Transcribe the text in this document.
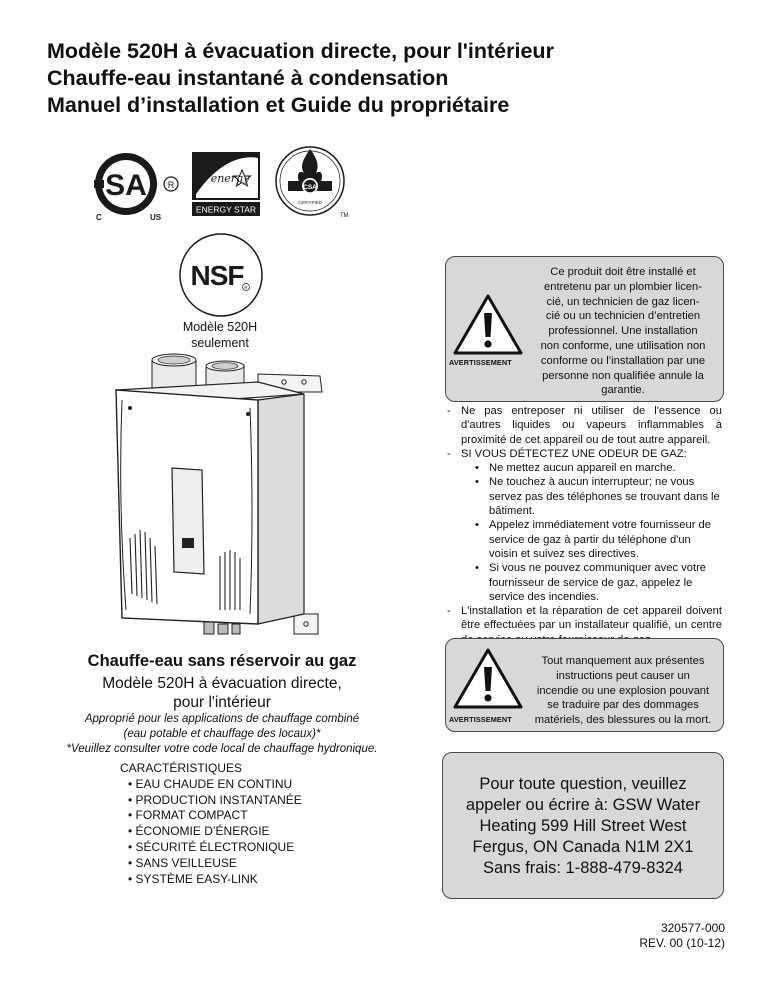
Modèle 520H à évacuation directe, pour l'intérieur
Chauffe-eau instantané à condensation
Manuel d’installation et Guide du propriétaire
SA R
C	US
energy
ENERGY STAR
CSA
CERTIFIED
TM
NSF R
Modèle 520H
seulement
Chauffe-eau sans réservoir au gaz
Modèle 520H à évacuation directe,
pour l'intérieur
Approprié pour les applications de chauffage combiné
(eau potable et chauffage des locaux)*
*Veuillez consulter votre code local de chauffage hydronique.
CARACTÉRISTIQUES
• EAU CHAUDE EN CONTINU
• PRODUCTION INSTANTANÉE
• FORMAT COMPACT
• ÉCONOMIE D’ÉNERGIE
• SÉCURITÉ ÉLECTRONIQUE
• SANS VEILLEUSE
• SYSTÈME EASY-LINK
AVERTISSEMENT
Ce produit doit être installé et
entretenu par un plombier licen-
cié, un technicien de gaz licen-
cié ou un technicien d’entretien
professionnel. Une installation
non conforme, une utilisation non
conforme ou l’installation par une
personne non qualifiée annule la
garantie.
- Ne pas entreposer ni utiliser de l'essence ou d'autres liquides ou vapeurs inflammables à proximité de cet appareil ou de tout autre appareil.
- SI VOUS DÉTECTEZ UNE ODEUR DE GAZ:
• Ne mettez aucun appareil en marche.
• Ne touchez à aucun interrupteur; ne vous servez pas des téléphones se trouvant dans le bâtiment.
• Appelez immédiatement votre fournisseur de service de gaz à partir du téléphone d'un voisin et suivez ses directives.
• Si vous ne pouvez communiquer avec votre fournisseur de service de gaz, appelez le service des incendies.
- L'installation et la réparation de cet appareil doivent être effectuées par un installateur qualifié, un centre
AVERTISSEMENT
Tout manquement aux présentes
instructions peut causer un
incendie ou une explosion pouvant
se traduire par des dommages
matériels, des blessures ou la mort.
Pour toute question, veuillez
appeler ou écrire à: GSW Water
Heating 599 Hill Street West
Fergus, ON Canada N1M 2X1
Sans frais: 1-888-479-8324
320577-000
REV. 00 (10-12)
